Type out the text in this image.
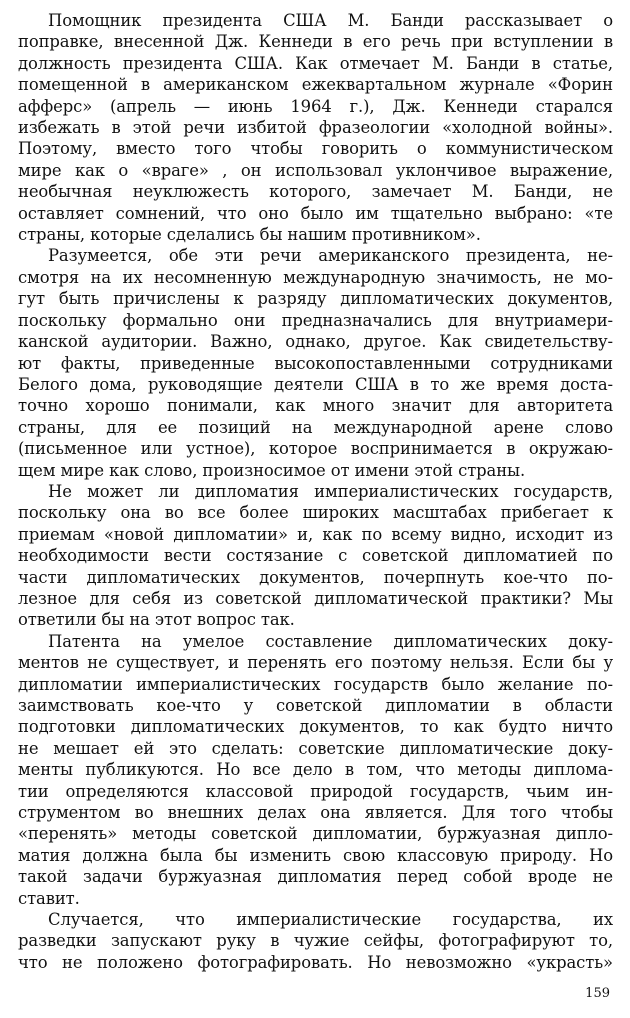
Помощник президента США М. Банди рассказывает о
поправке, внесенной Дж. Кеннеди в его речь при вступлении в
должность президента США. Как отмечает М. Банди в статье,
помещенной в американском ежеквартальном журнале «Форин
афферс» (апрель — июнь 1964 г.), Дж. Кеннеди старался
избежать в этой речи избитой фразеологии «холодной войны».
Поэтому, вместо того чтобы говорить о коммунистическом
мире как о «враге» , он использовал уклончивое выражение,
необычная неуклюжесть которого, замечает М. Банди, не
оставляет сомнений, что оно было им тщательно выбрано: «те
страны, которые сделались бы нашим противником».
Разумеется, обе эти речи американского президента, не-
смотря на их несомненную международную значимость, не мо-
гут быть причислены к разряду дипломатических документов,
поскольку формально они предназначались для внутриамери-
канской аудитории. Важно, однако, другое. Как свидетельству-
ют факты, приведенные высокопоставленными сотрудниками
Белого дома, руководящие деятели США в то же время доста-
точно хорошо понимали, как много значит для авторитета
страны, для ее позиций на международной арене слово
(письменное или устное), которое воспринимается в окружаю-
щем мире как слово, произносимое от имени этой страны.
Не может ли дипломатия империалистических государств,
поскольку она во все более широких масштабах прибегает к
приемам «новой дипломатии» и, как по всему видно, исходит из
необходимости вести состязание с советской дипломатией по
части дипломатических документов, почерпнуть кое-что по-
лезное для себя из советской дипломатической практики? Мы
ответили бы на этот вопрос так.
Патента на умелое составление дипломатических доку-
ментов не существует, и перенять его поэтому нельзя. Если бы у
дипломатии империалистических государств было желание по-
заимствовать кое-что у советской дипломатии в области
подготовки дипломатических документов, то как будто ничто
не мешает ей это сделать: советские дипломатические доку-
менты публикуются. Но все дело в том, что методы диплома-
тии определяются классовой природой государств, чьим ин-
струментом во внешних делах она является. Для того чтобы
«перенять» методы советской дипломатии, буржуазная дипло-
матия должна была бы изменить свою классовую природу. Но
такой задачи буржуазная дипломатия перед собой вроде не
ставит.
Случается, что империалистические государства, их
разведки запускают руку в чужие сейфы, фотографируют то,
что не положено фотографировать. Но невозможно «украсть»
159
